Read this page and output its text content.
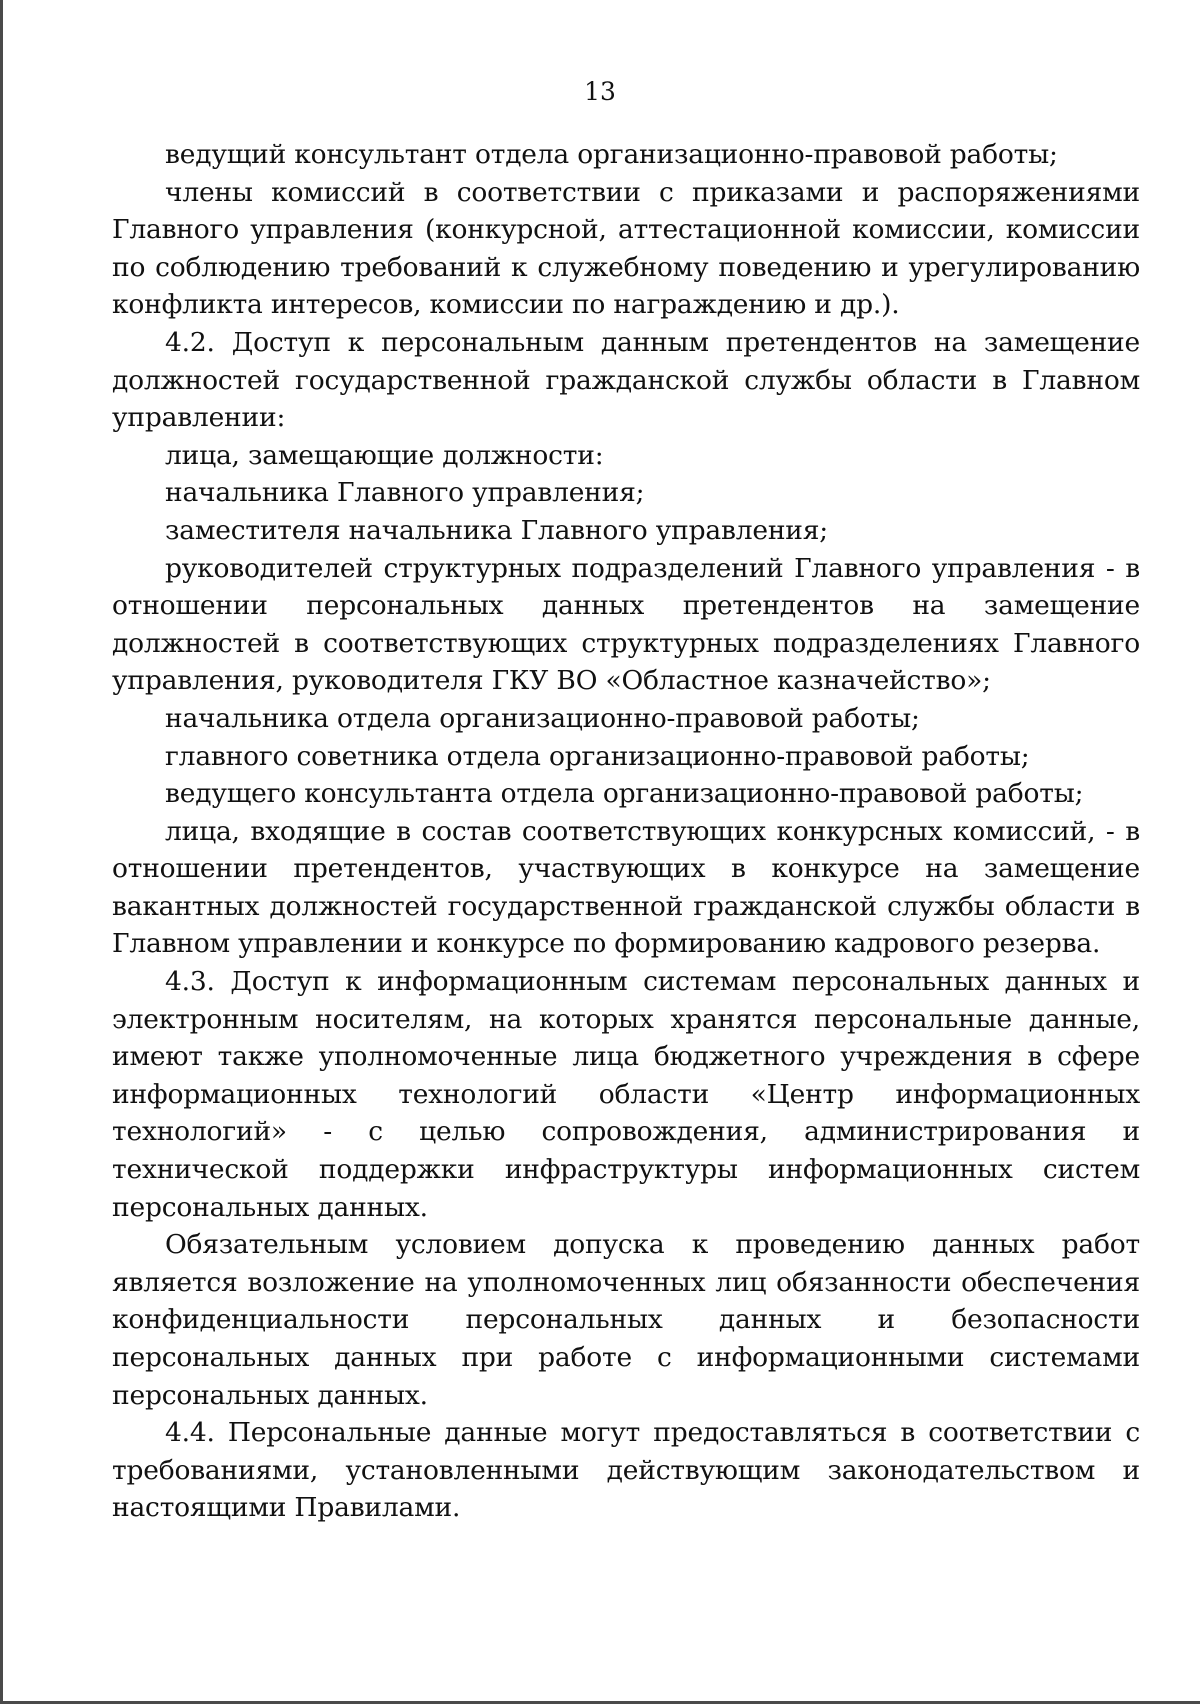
13

ведущий консультант отдела организационно-правовой работы;

члены комиссий в соответствии с приказами и распоряжениями Главного управления (конкурсной, аттестационной комиссии, комиссии по соблюдению требований к служебному поведению и урегулированию конфликта интересов, комиссии по награждению и др.).

4.2. Доступ к персональным данным претендентов на замещение должностей государственной гражданской службы области в Главном управлении:

лица, замещающие должности:

начальника Главного управления;

заместителя начальника Главного управления;

руководителей структурных подразделений Главного управления - в отношении персональных данных претендентов на замещение должностей в соответствующих структурных подразделениях Главного управления, руководителя ГКУ ВО «Областное казначейство»;

начальника отдела организационно-правовой работы;

главного советника отдела организационно-правовой работы;

ведущего консультанта отдела организационно-правовой работы;

лица, входящие в состав соответствующих конкурсных комиссий, - в отношении претендентов, участвующих в конкурсе на замещение вакантных должностей государственной гражданской службы области в Главном управлении и конкурсе по формированию кадрового резерва.

4.3. Доступ к информационным системам персональных данных и электронным носителям, на которых хранятся персональные данные, имеют также уполномоченные лица бюджетного учреждения в сфере информационных технологий области «Центр информационных технологий» - с целью сопровождения, администрирования и технической поддержки инфраструктуры информационных систем персональных данных.

Обязательным условием допуска к проведению данных работ является возложение на уполномоченных лиц обязанности обеспечения конфиденциальности персональных данных и безопасности персональных данных при работе с информационными системами персональных данных.

4.4. Персональные данные могут предоставляться в соответствии с требованиями, установленными действующим законодательством и настоящими Правилами.
